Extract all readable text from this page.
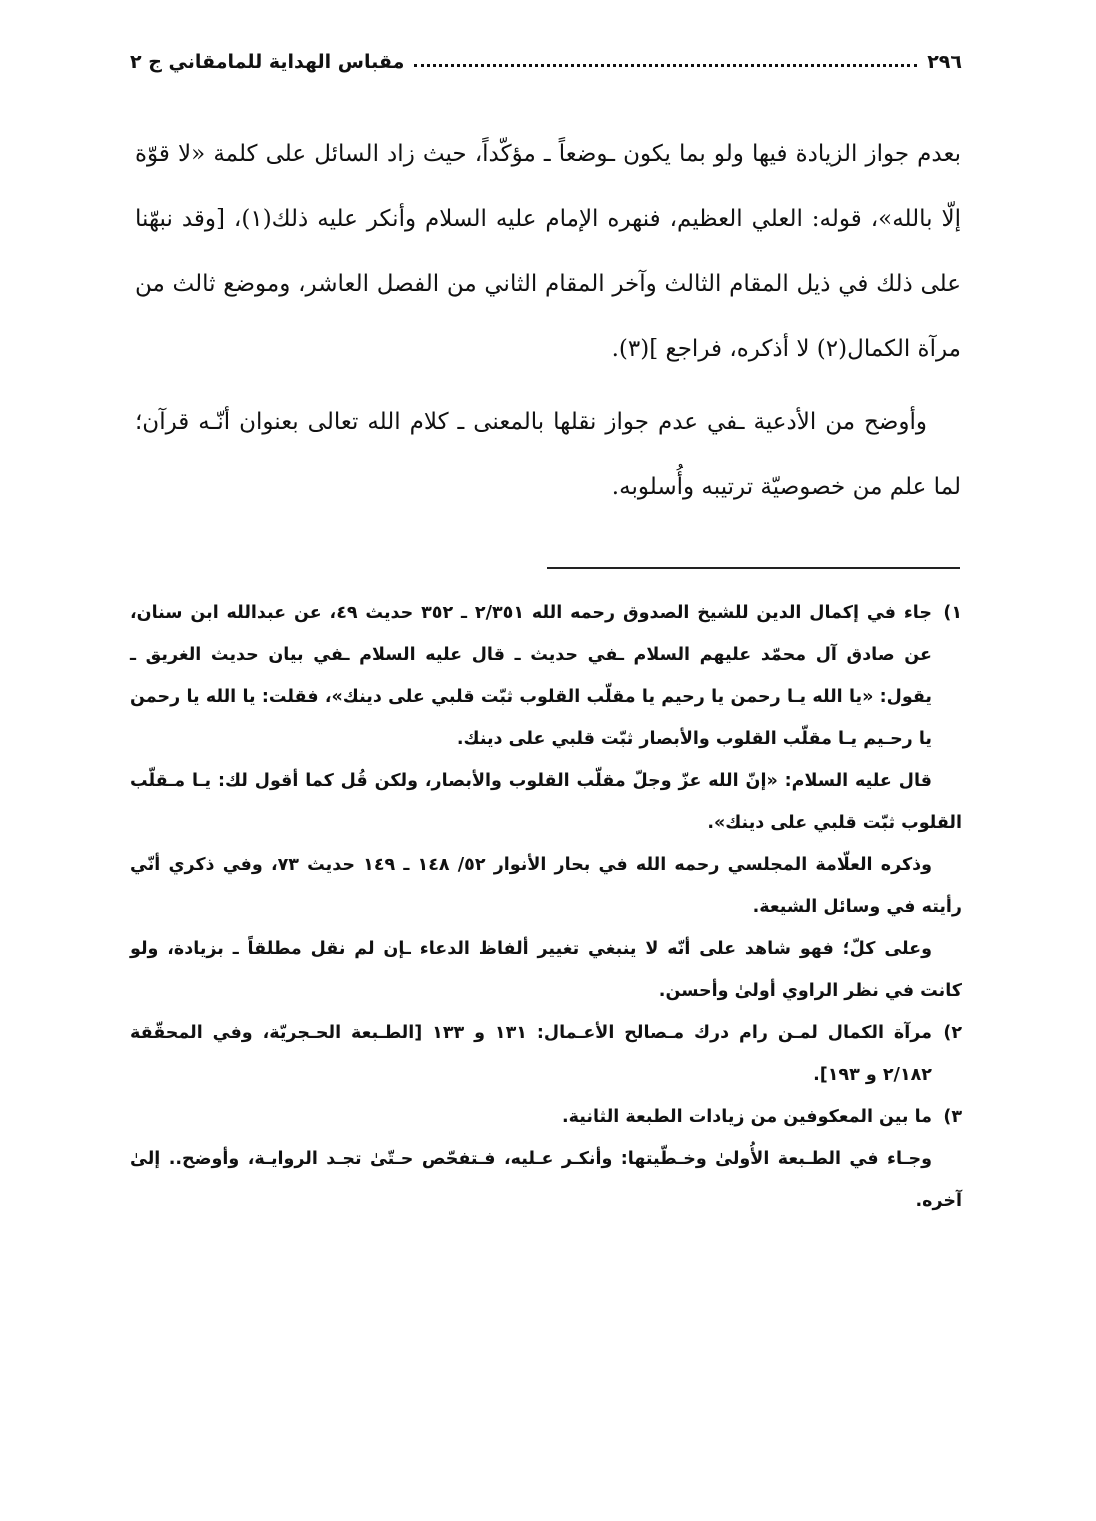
٢٩٦
مقباس الهداية للمامقاني ج ٢

بعدم جواز الزيادة فيها ولو بما يكون ـوضعاً ـ مؤكّداً، حيث زاد السائل على كلمة «لا قوّة إلّا بالله»، قوله: العلي العظيم، فنهره الإمام عليه السلام وأنكر عليه ذلك(١)، [وقد نبهّنا على ذلك في ذيل المقام الثالث وآخر المقام الثاني من الفصل العاشر، وموضع ثالث من مرآة الكمال(٢) لا أذكره، فراجع ](٣).

وأوضح من الأدعية ـفي عدم جواز نقلها بالمعنى ـ كلام الله تعالى بعنوان أنّـه قرآن؛ لما علم من خصوصيّة ترتيبه وأُسلوبه.

١)
جاء في إكمال الدين للشيخ الصدوق رحمه الله ٢/٣٥١ ـ ٣٥٢ حديث ٤٩، عن عبدالله ابن سنان، عن صادق آل محمّد عليهم السلام ـفي حديث ـ قال عليه السلام ـفي بيان حديث الغريق ـ يقول: «يا الله يـا رحمن يا رحيم يا مقلّب القلوب ثبّت قلبي على دينك»، فقلت: يا الله يا رحمن يا رحـيم يـا مقلّب القلوب والأبصار ثبّت قلبي على دينك.

قال عليه السلام: «إنّ الله عزّ وجلّ مقلّب القلوب والأبصار، ولكن قُل كما أقول لك: يـا مـقلّب القلوب ثبّت قلبي على دينك».

وذكره العلّامة المجلسي رحمه الله في بحار الأنوار ٥٢/ ١٤٨ ـ ١٤٩ حديث ٧٣، وفي ذكري أنّي رأيته في وسائل الشيعة.

وعلى كلّ؛ فهو شاهد على أنّه لا ينبغي تغيير ألفاظ الدعاء ـإن لم نقل مطلقاً ـ بزيادة، ولو كانت في نظر الراوي أولىٰ وأحسن.

٢)
مرآة الكمال لمـن رام درك مـصالح الأعـمال: ١٣١ و ١٣٣ [الطـبعة الحـجريّة، وفي المحقّقة ٢/١٨٢ و ١٩٣].
٣)
ما بين المعكوفين من زيادات الطبعة الثانية.

وجـاء في الطـبعة الأُولىٰ وخـطّيتها: وأنكـر عـليه، فـتفحّص حـتّىٰ تجـد الروايـة، وأوضح.. إلىٰ آخره.
